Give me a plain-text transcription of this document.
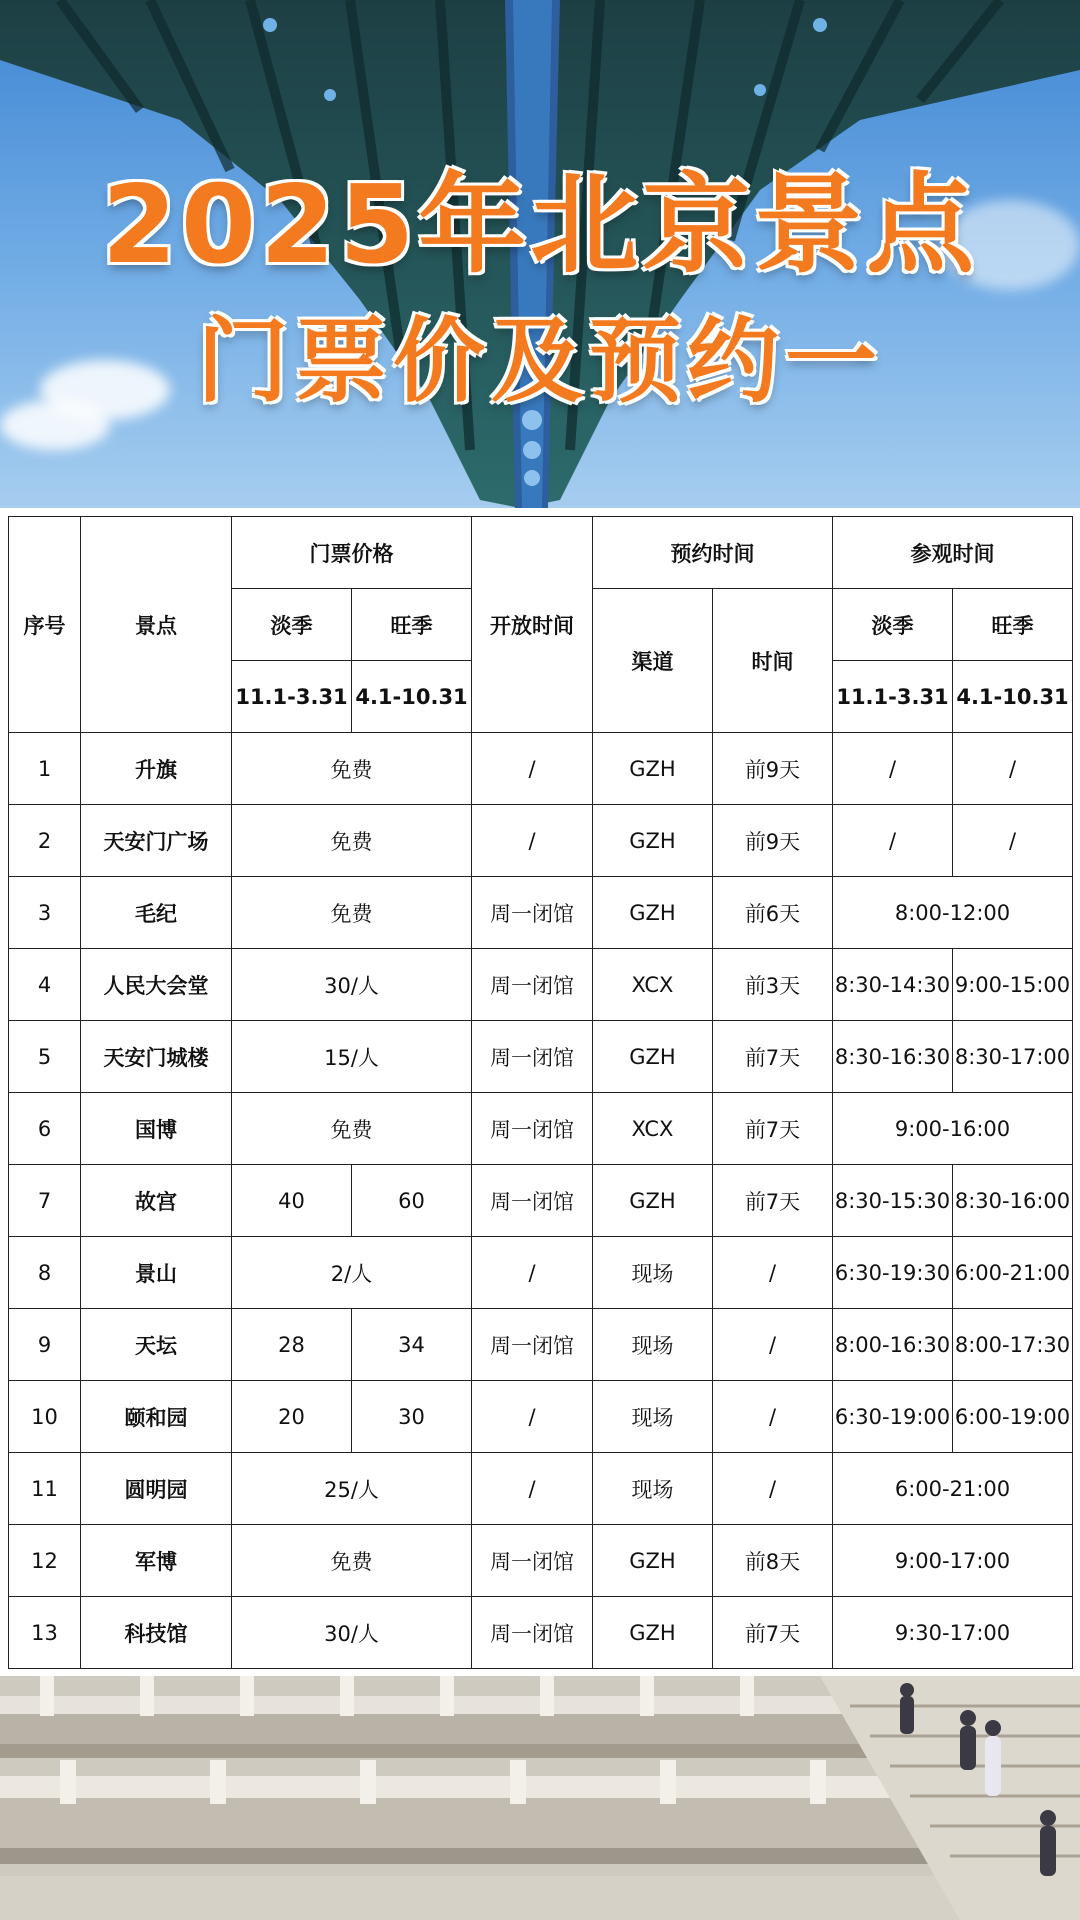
2025年北京景点
门票价及预约一
序号	景点	门票价格		开放时间	预约时间		参观时间	
		淡季	旺季		渠道	时间	淡季	旺季
		11.1-3.31	4.1-10.31				11.1-3.31	4.1-10.31
1	升旗	免费		/	GZH	前9天	/	/
2	天安门广场	免费		/	GZH	前9天	/	/
3	毛纪	免费		周一闭馆	GZH	前6天	8:00-12:00	
4	人民大会堂	30/人		周一闭馆	XCX	前3天	8:30-14:30	9:00-15:00
5	天安门城楼	15/人		周一闭馆	GZH	前7天	8:30-16:30	8:30-17:00
6	国博	免费		周一闭馆	XCX	前7天	9:00-16:00	
7	故宫	40	60	周一闭馆	GZH	前7天	8:30-15:30	8:30-16:00
8	景山	2/人		/	现场	/	6:30-19:30	6:00-21:00
9	天坛	28	34	周一闭馆	现场	/	8:00-16:30	8:00-17:30
10	颐和园	20	30	/	现场	/	6:30-19:00	6:00-19:00
11	圆明园	25/人		/	现场	/	6:00-21:00	
12	军博	免费		周一闭馆	GZH	前8天	9:00-17:00	
13	科技馆	30/人		周一闭馆	GZH	前7天	9:30-17:00	
